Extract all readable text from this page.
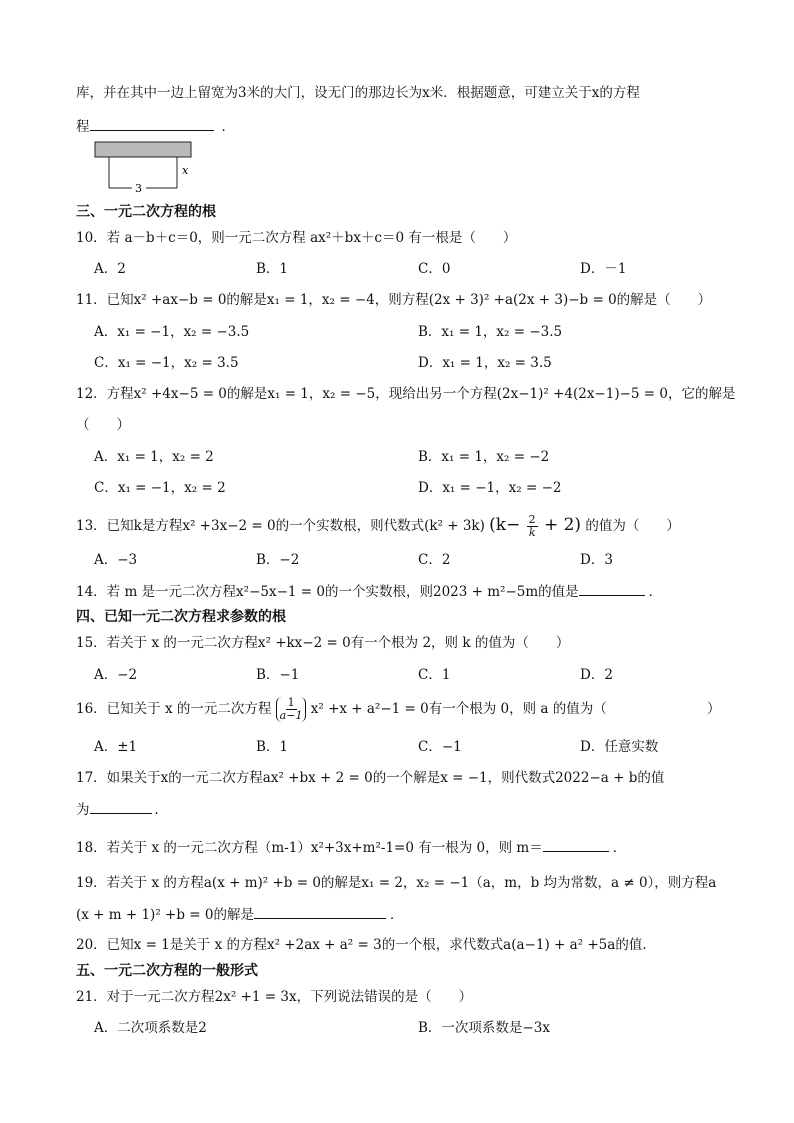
库，并在其中一边上留宽为3米的大门，设无门的那边长为x米．根据题意，可建立关于x的方程
程	．
x
3
三、一元二次方程的根
10．若 a－b＋c＝0，则一元二次方程 ax²＋bx＋c＝0 有一根是（　　）
A．2	B．1	C．0	D．－1
11．已知x² +ax−b = 0的解是x₁ = 1，x₂ = −4，则方程(2x + 3)² +a(2x + 3)−b = 0的解是（　　）
A．x₁ = −1，x₂ = −3.5	B．x₁ = 1，x₂ = −3.5
C．x₁ = −1，x₂ = 3.5	D．x₁ = 1，x₂ = 3.5
12．方程x² +4x−5 = 0的解是x₁ = 1，x₂ = −5，现给出另一个方程(2x−1)² +4(2x−1)−5 = 0，它的解是
（　　）
A．x₁ = 1，x₂ = 2	B．x₁ = 1，x₂ = −2
C．x₁ = −1，x₂ = 2	D．x₁ = −1，x₂ = −2
13．已知k是方程x² +3x−2 = 0的一个实数根，则代数式(k² + 3k) $(k- \frac{2}{k} + 2)$ 的值为（　　）
A．−3	B．−2	C．2	D．3
14．若 m 是一元二次方程x²−5x−1 = 0的一个实数根，则2023 + m²−5m的值是	．
四、已知一元二次方程求参数的根
15．若关于 x 的一元二次方程x² +kx−2 = 0有一个根为 2，则 k 的值为（　　）
A．−2	B．−1	C．1	D．2
16．已知关于 x 的一元二次方程 $\frac{1}{a-1} x^2 +x + a^2-1 = 0$有一个根为 0，则 a 的值为（	）
A．±1	B．1	C．−1	D．任意实数
17．如果关于x的一元二次方程ax² +bx + 2 = 0的一个解是x = −1，则代数式2022−a + b的值
为	．
18．若关于 x 的一元二次方程（m-1）x²+3x+m²-1=0 有一根为 0，则 m＝	．
19．若关于 x 的方程a(x + m)² +b = 0的解是x₁ = 2，x₂ = −1（a，m，b 均为常数，a ≠ 0），则方程a
(x + m + 1)² +b = 0的解是	．
20．已知x = 1是关于 x 的方程x² +2ax + a² = 3的一个根，求代数式a(a−1) + a² +5a的值．
五、一元二次方程的一般形式
21．对于一元二次方程2x² +1 = 3x，下列说法错误的是（　　）
A．二次项系数是2	B．一次项系数是−3x
